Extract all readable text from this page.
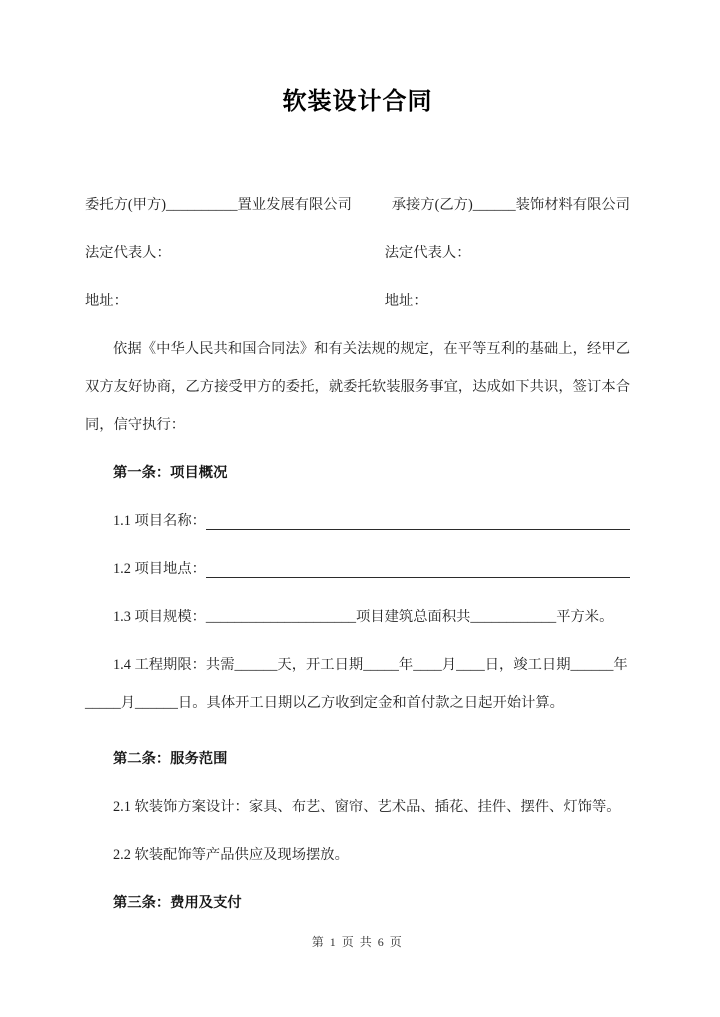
软装设计合同
委托方(甲方)__________置业发展有限公司	承接方(乙方)______装饰材料有限公司
法定代表人：	法定代表人：
地址：	地址：
依据《中华人民共和国合同法》和有关法规的规定，在平等互利的基础上，经甲乙
双方友好协商，乙方接受甲方的委托，就委托软装服务事宜，达成如下共识，签订本合
同，信守执行：
第一条：项目概况
1.1 项目名称：
1.2 项目地点：
1.3 项目规模：_____________________项目建筑总面积共____________平方米。
1.4 工程期限：共需______天，开工日期_____年____月____日，竣工日期______年
_____月______日。具体开工日期以乙方收到定金和首付款之日起开始计算。
第二条：服务范围
2.1 软装饰方案设计：家具、布艺、窗帘、艺术品、插花、挂件、摆件、灯饰等。
2.2 软装配饰等产品供应及现场摆放。
第三条：费用及支付
第 1 页 共 6 页
